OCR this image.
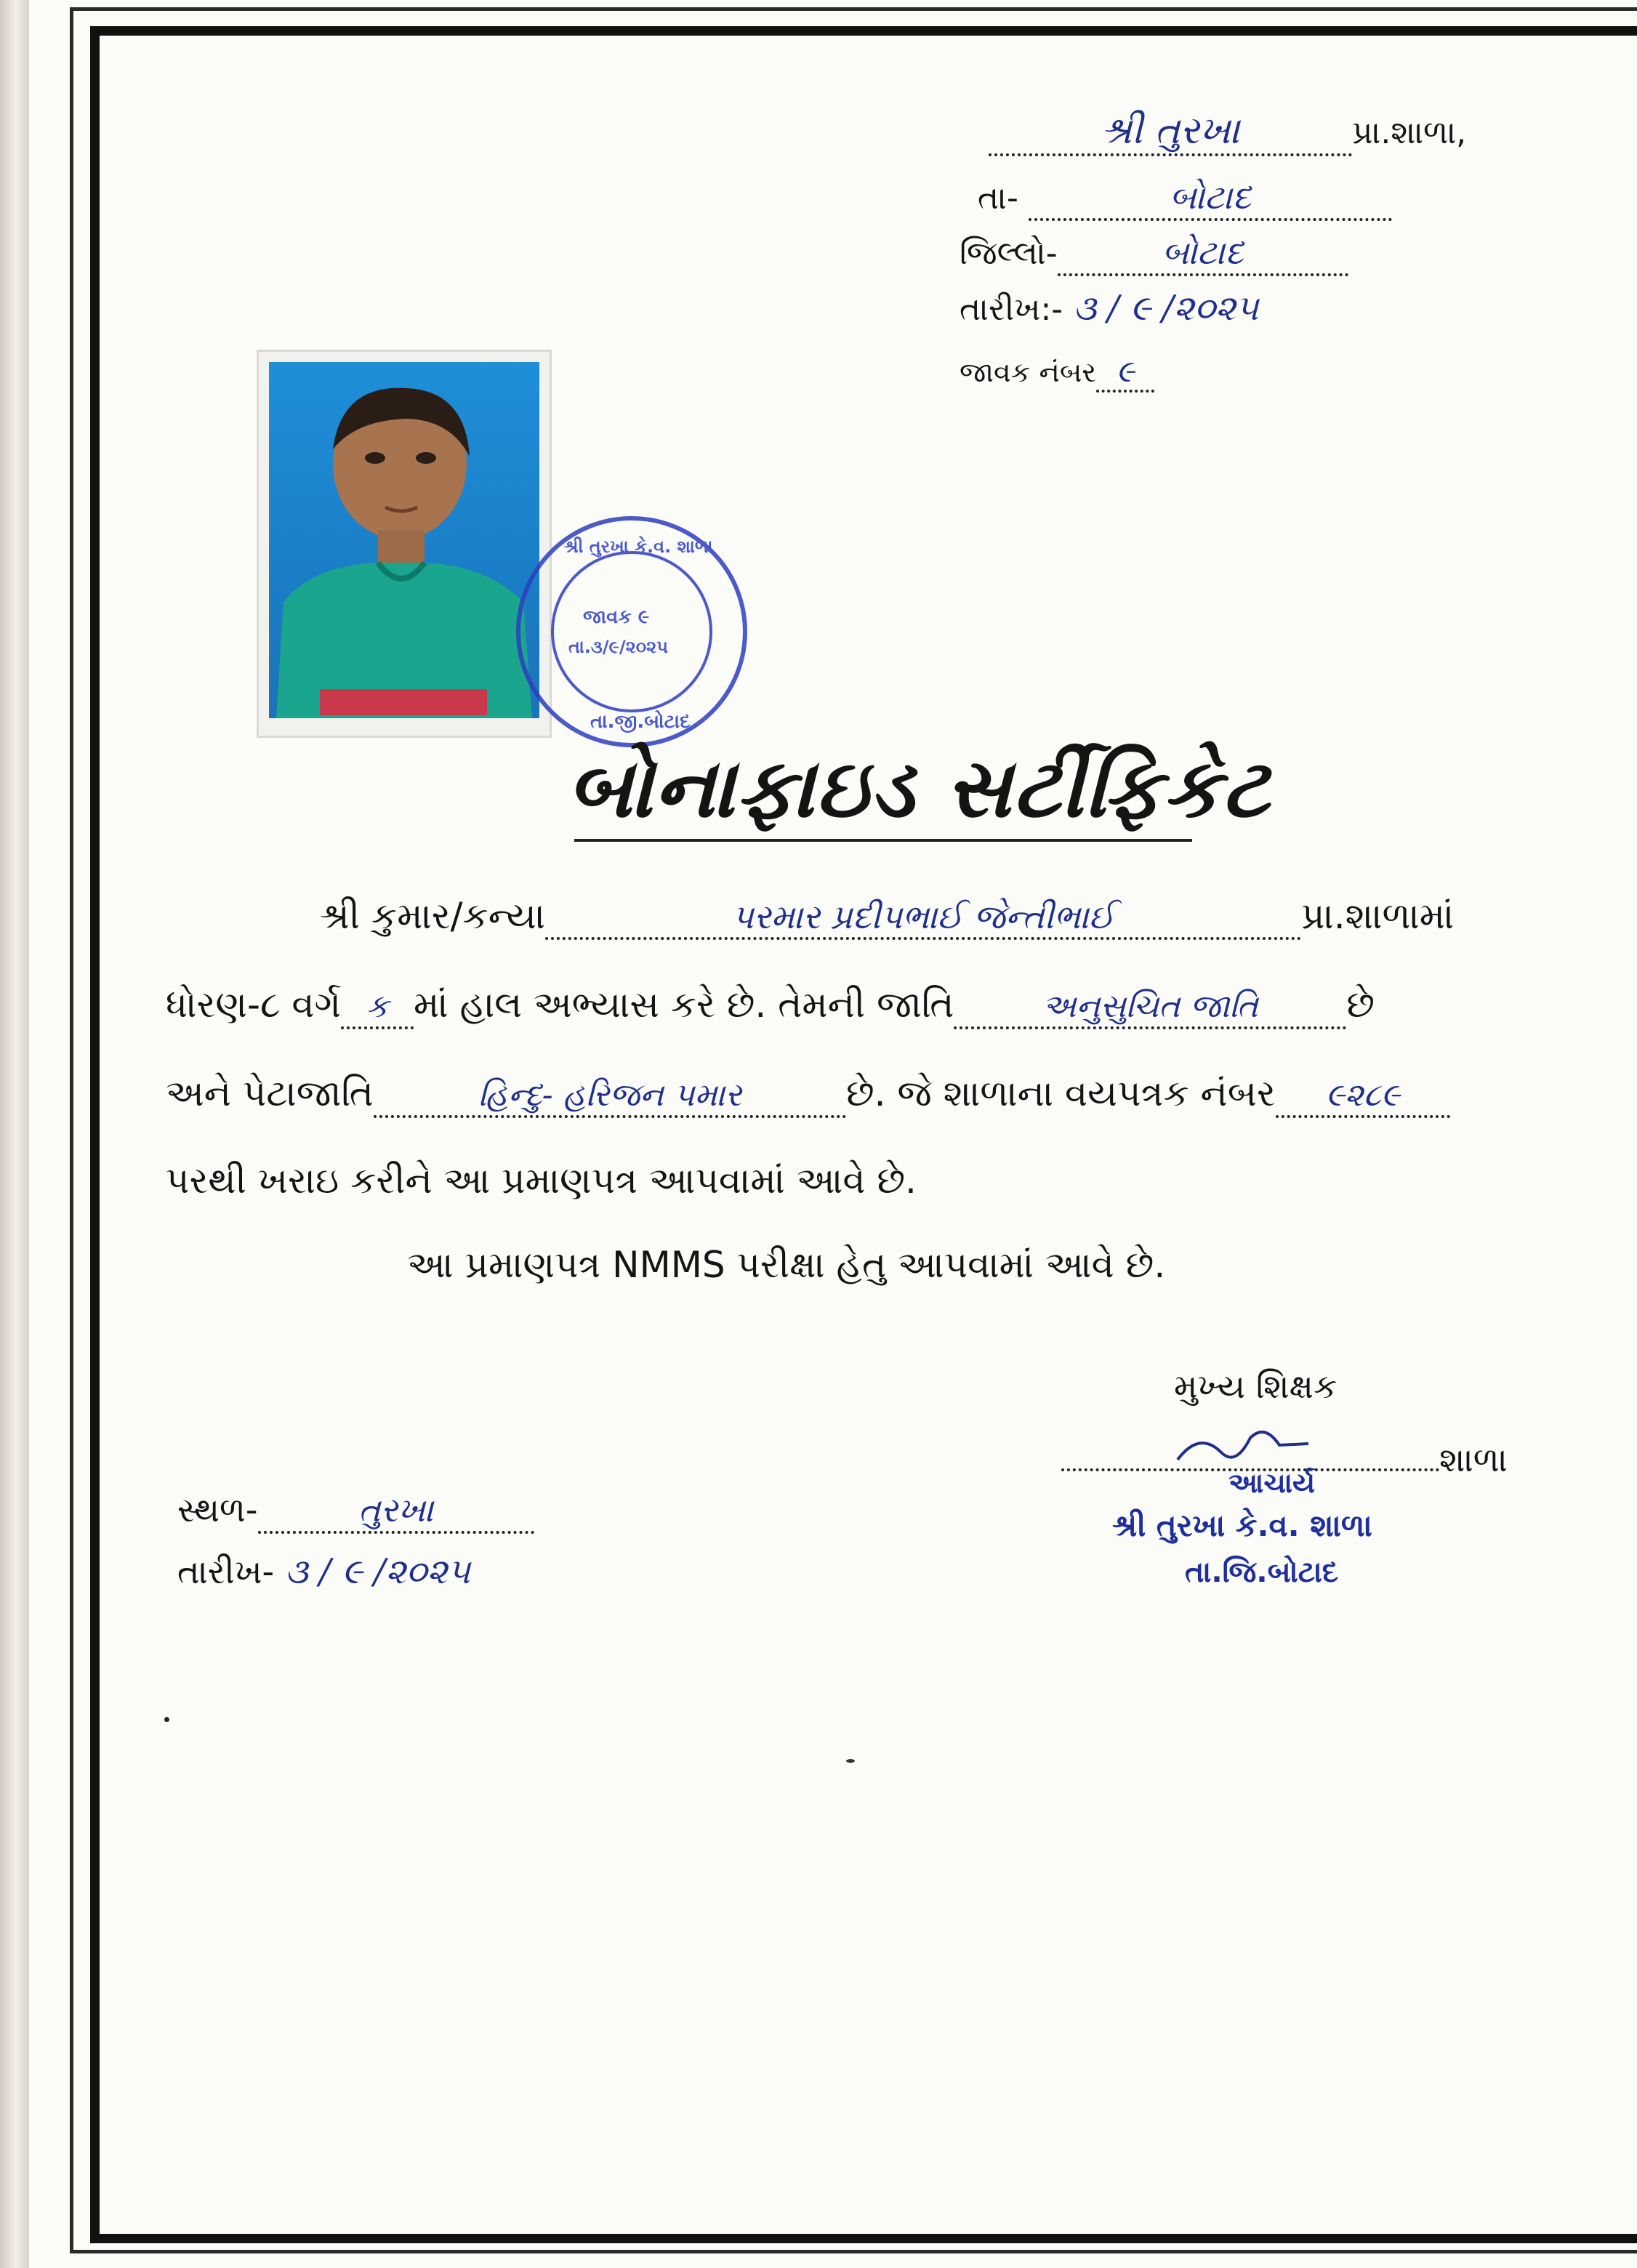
શ્રી તુરખા	પ્રા.શાળા,
તા-	બોટાદ
જિલ્લો-	બોટાદ
તારીખ:- ૩ / ૯ /૨૦૨૫
જાવક નંબર ૯
શ્રી તુરખા કે.વ. શાળા
જાવક ૯
તા.૩/૯/૨૦૨૫
તા.જી.બોટાદ
બોનાફાઇડ સર્ટીફિકેટ
શ્રી કુમાર/કન્યા	પરમાર પ્રદીપભાઈ જેન્તીભાઈ	પ્રા.શાળામાં
ધોરણ-૮ વર્ગ ક માં હાલ અભ્યાસ કરે છે. તેમની જાતિ	અનુસુચિત જાતિ છે
અને પેટાજાતિ	હિન્દુ- હરિજન પમાર	છે. જે શાળાના વયપત્રક નંબર ૯૨૮૯
પરથી ખરાઇ કરીને આ પ્રમાણપત્ર આપવામાં આવે છે.
આ પ્રમાણપત્ર NMMS પરીક્ષા હેતુ આપવામાં આવે છે.
મુખ્ય શિક્ષક
શાળા
આચાર્ય
શ્રી તુરખા કે.વ. શાળા
તા.જિ.બોટાદ
સ્થળ-	તુરખા
તારીખ- ૩ / ૯ /૨૦૨૫
